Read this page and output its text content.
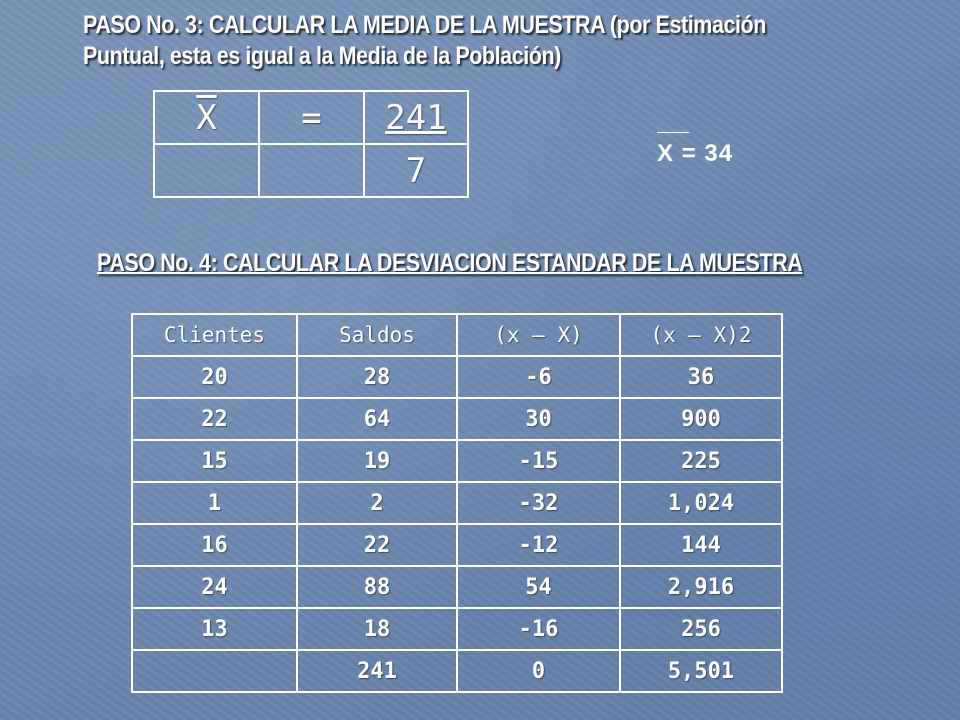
PASO No. 3: CALCULAR LA MEDIA DE LA MUESTRA (por Estimación
Puntual, esta es igual a la Media de la Población)
$\overline{X}$	=	241
		7	X = 34
PASO No. 4: CALCULAR LA DESVIACION ESTANDAR DE LA MUESTRA
Clientes	Saldos	(x – X)	(x – X)2
20	28	-6	36
22	64	30	900
15	19	-15	225
1	2	-32	1,024
16	22	-12	144
24	88	54	2,916
13	18	-16	256
	241	0	5,501
